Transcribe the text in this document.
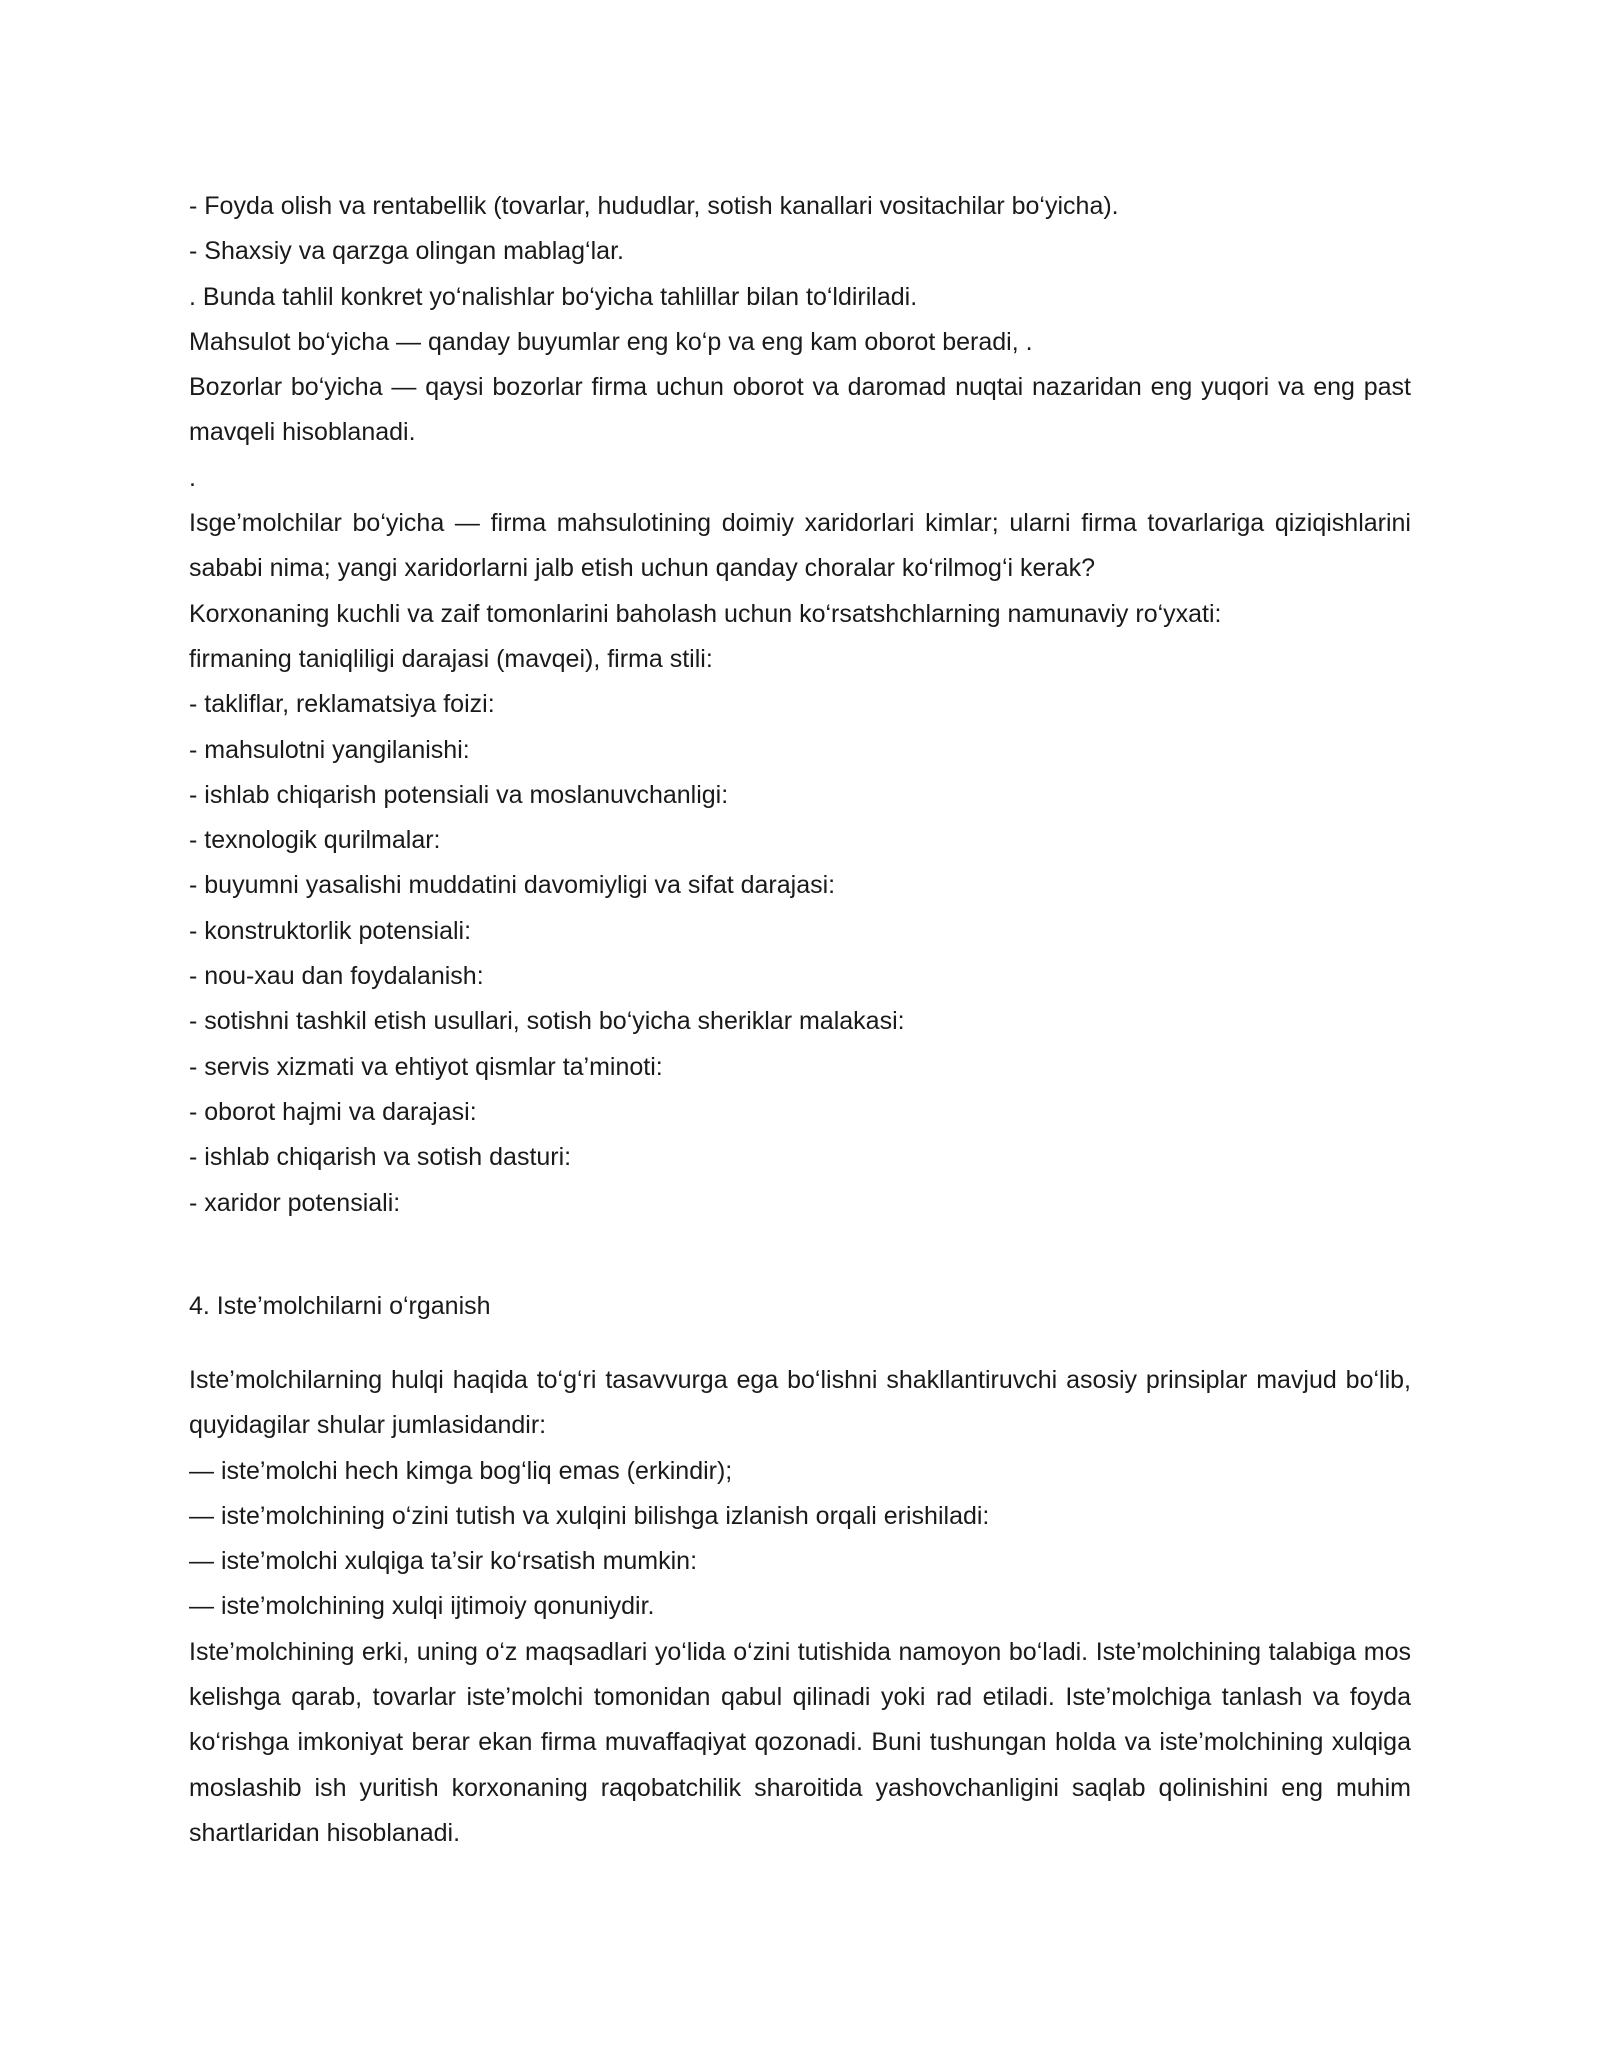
- Foyda olish va rentabellik (tovarlar, hududlar, sotish kanallari vositachilar bo‘yicha).

- Shaxsiy va qarzga olingan mablag‘lar.

. Bunda tahlil konkret yo‘nalishlar bo‘yicha tahlillar bilan to‘ldiriladi.

Mahsulot bo‘yicha — qanday buyumlar eng ko‘p va eng kam oborot beradi, .

Bozorlar bo‘yicha — qaysi bozorlar firma uchun oborot va daromad nuqtai nazaridan eng yuqori va eng past mavqeli hisoblanadi.

.

Isge’molchilar bo‘yicha — firma mahsulotining doimiy xaridorlari kimlar; ularni firma tovarlariga qiziqishlarini sababi nima; yangi xaridorlarni jalb etish uchun qanday choralar ko‘rilmog‘i kerak?

Korxonaning kuchli va zaif tomonlarini baholash uchun ko‘rsatshchlarning namunaviy ro‘yxati:

firmaning taniqliligi darajasi (mavqei), firma stili:

- takliflar, reklamatsiya foizi:

- mahsulotni yangilanishi:

- ishlab chiqarish potensiali va moslanuvchanligi:

- texnologik qurilmalar:

- buyumni yasalishi muddatini davomiyligi va sifat darajasi:

- konstruktorlik potensiali:

- nou-xau dan foydalanish:

- sotishni tashkil etish usullari, sotish bo‘yicha sheriklar malakasi:

- servis xizmati va ehtiyot qismlar ta’minoti:

- oborot hajmi va darajasi:

- ishlab chiqarish va sotish dasturi:

- xaridor potensiali:

4. Iste’molchilarni o‘rganish

Iste’molchilarning hulqi haqida to‘g‘ri tasavvurga ega bo‘lishni shakllantiruvchi asosiy prinsiplar mavjud bo‘lib, quyidagilar shular jumlasidandir:

— iste’molchi hech kimga bog‘liq emas (erkindir);

— iste’molchining o‘zini tutish va xulqini bilishga izlanish orqali erishiladi:

— iste’molchi xulqiga ta’sir ko‘rsatish mumkin:

— iste’molchining xulqi ijtimoiy qonuniydir.

Iste’molchining erki, uning o‘z maqsadlari yo‘lida o‘zini tutishida namoyon bo‘ladi. Iste’molchining talabiga mos kelishga qarab, tovarlar iste’molchi tomonidan qabul qilinadi yoki rad etiladi. Iste’molchiga tanlash va foyda ko‘rishga imkoniyat berar ekan firma muvaffaqiyat qozonadi. Buni tushungan holda va iste’molchining xulqiga moslashib ish yuritish korxonaning raqobatchilik sharoitida yashovchanligini saqlab qolinishini eng muhim shartlaridan hisoblanadi.
